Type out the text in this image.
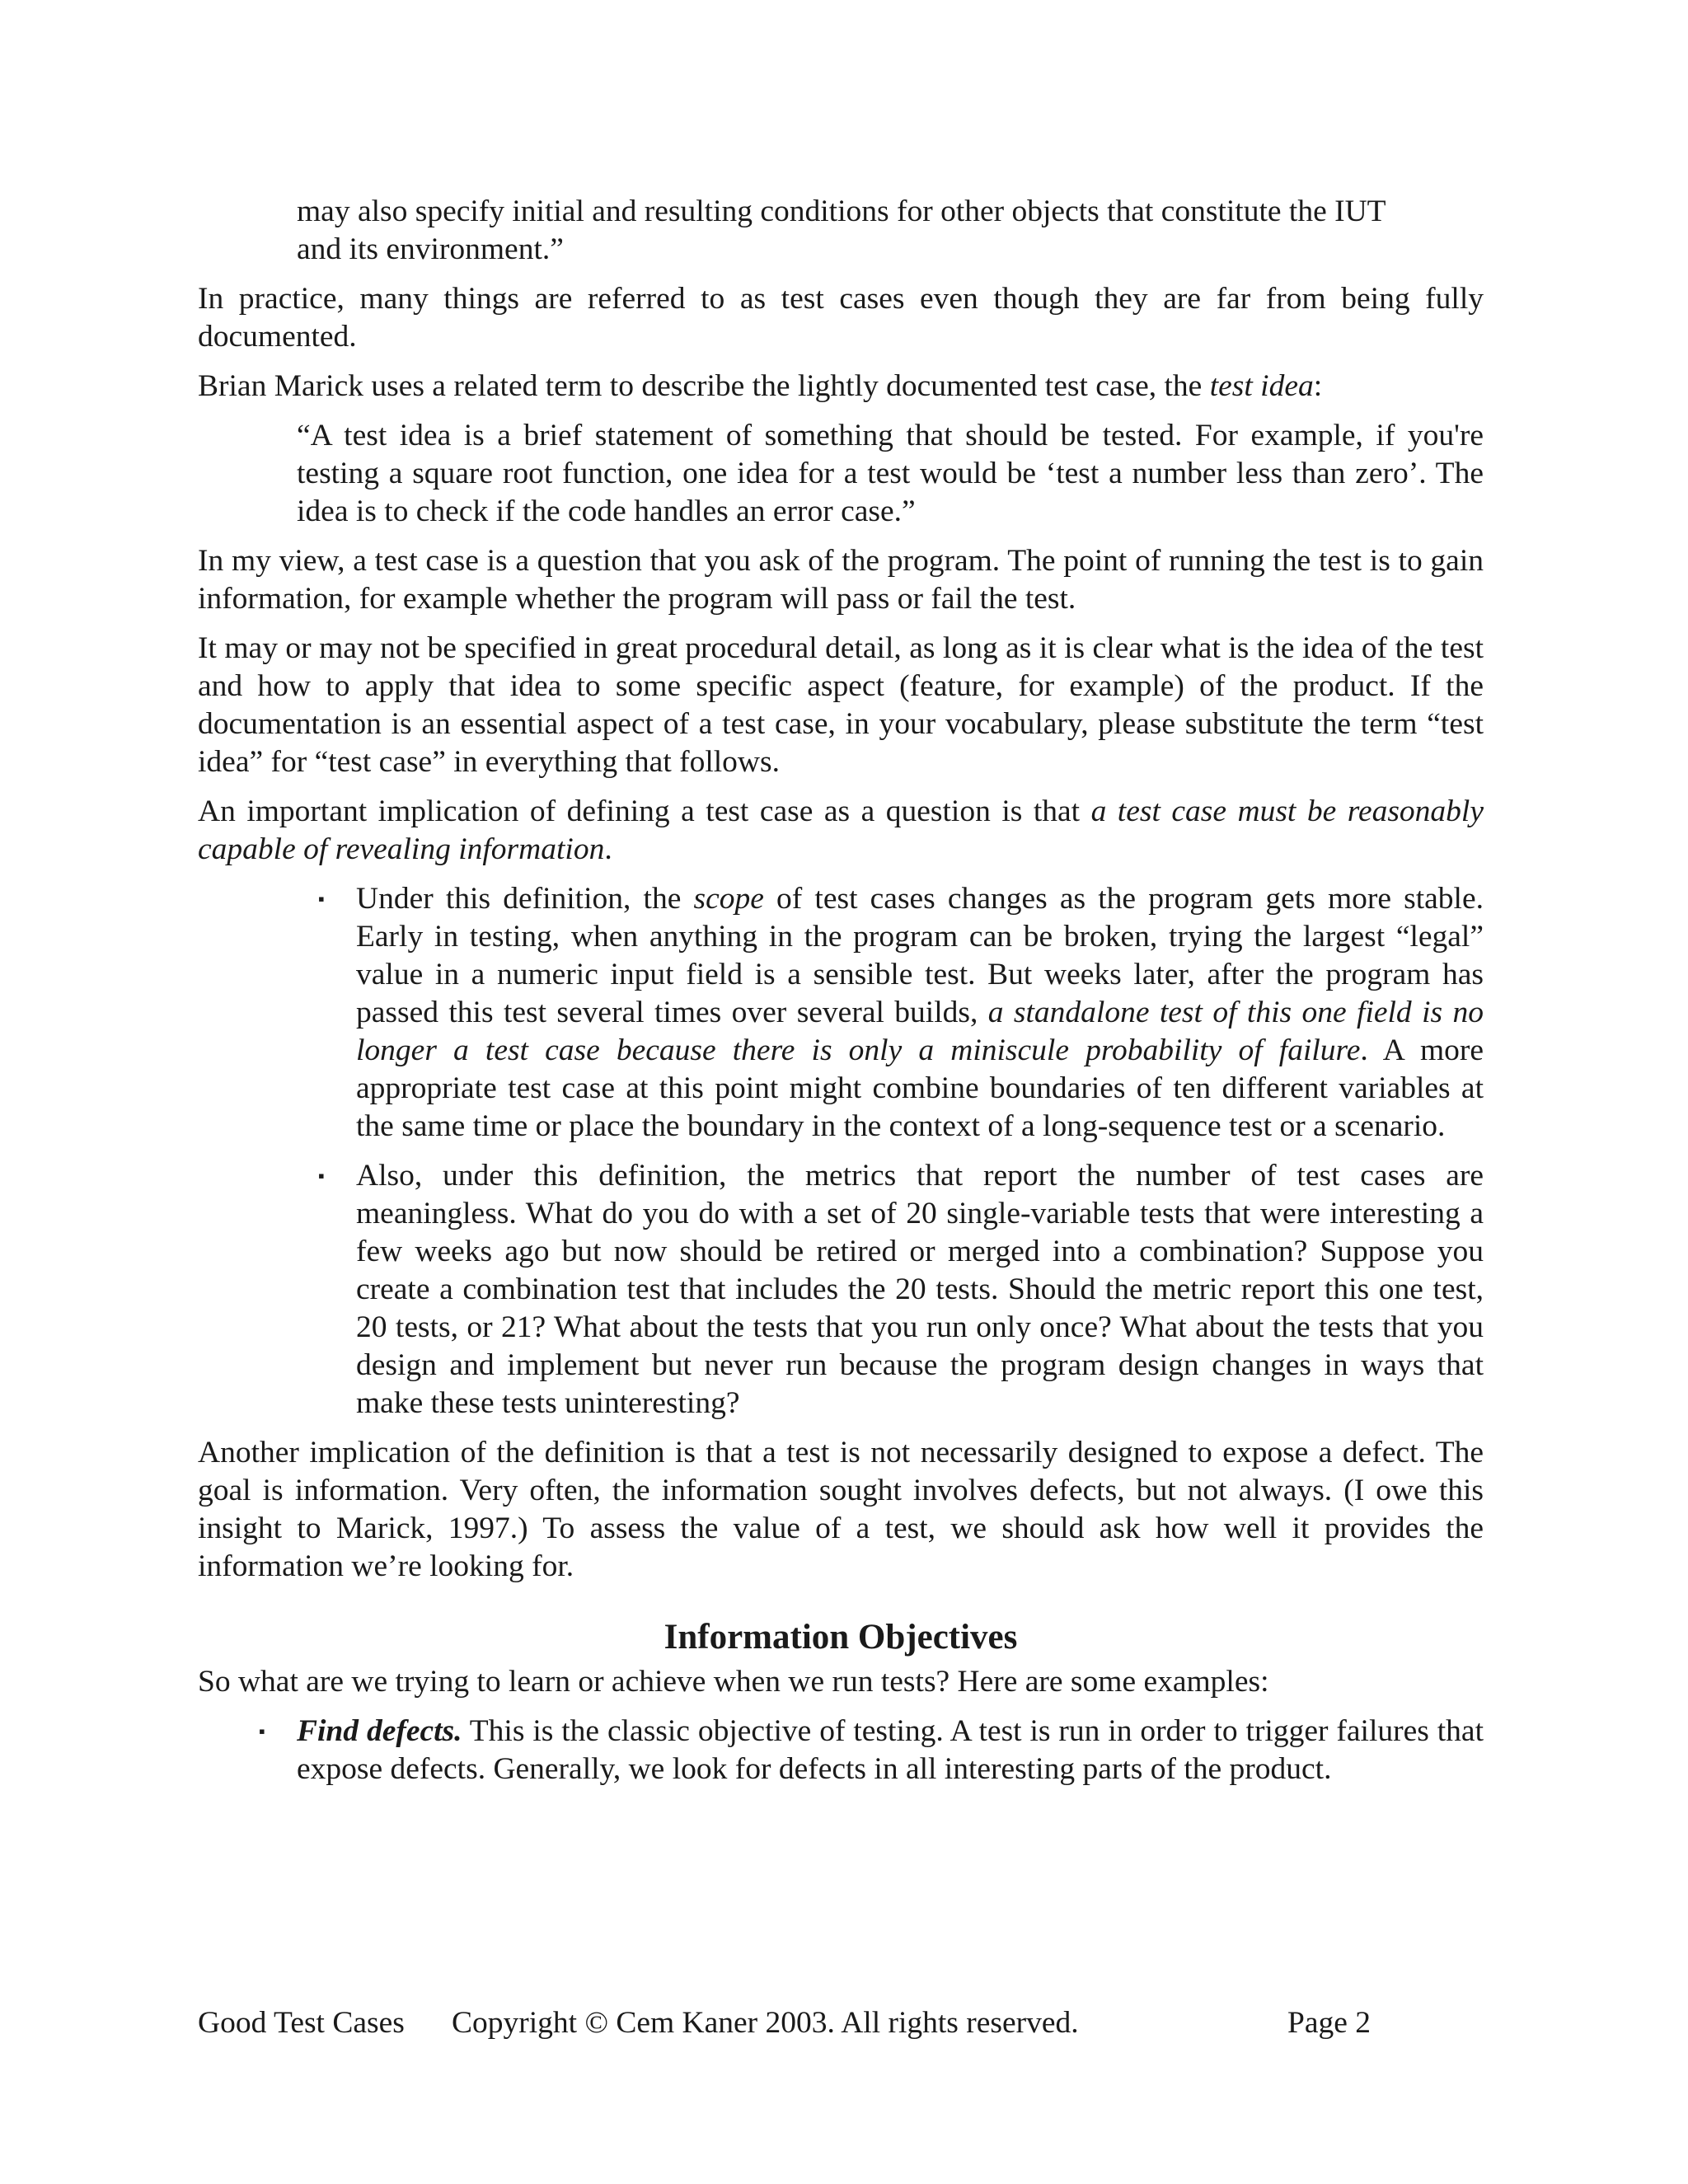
may also specify initial and resulting conditions for other objects that constitute the IUT
and its environment.”

In practice, many things are referred to as test cases even though they are far from being fully documented.

Brian Marick uses a related term to describe the lightly documented test case, the test idea:

“A test idea is a brief statement of something that should be tested. For example, if you're testing a square root function, one idea for a test would be ‘test a number less than zero’. The idea is to check if the code handles an error case.”

In my view, a test case is a question that you ask of the program. The point of running the test is to gain information, for example whether the program will pass or fail the test.

It may or may not be specified in great procedural detail, as long as it is clear what is the idea of the test and how to apply that idea to some specific aspect (feature, for example) of the product. If the documentation is an essential aspect of a test case, in your vocabulary, please substitute the term “test idea” for “test case” in everything that follows.

An important implication of defining a test case as a question is that a test case must be reasonably capable of revealing information.

▪ Under this definition, the scope of test cases changes as the program gets more stable. Early in testing, when anything in the program can be broken, trying the largest “legal” value in a numeric input field is a sensible test. But weeks later, after the program has passed this test several times over several builds, a standalone test of this one field is no longer a test case because there is only a miniscule probability of failure. A more appropriate test case at this point might combine boundaries of ten different variables at the same time or place the boundary in the context of a long-sequence test or a scenario.
▪ Also, under this definition, the metrics that report the number of test cases are meaningless. What do you do with a set of 20 single-variable tests that were interesting a few weeks ago but now should be retired or merged into a combination? Suppose you create a combination test that includes the 20 tests. Should the metric report this one test, 20 tests, or 21? What about the tests that you run only once? What about the tests that you design and implement but never run because the program design changes in ways that make these tests uninteresting?

Another implication of the definition is that a test is not necessarily designed to expose a defect. The goal is information. Very often, the information sought involves defects, but not always. (I owe this insight to Marick, 1997.) To assess the value of a test, we should ask how well it provides the information we’re looking for.

Information Objectives

So what are we trying to learn or achieve when we run tests? Here are some examples:

▪ Find defects. This is the classic objective of testing. A test is run in order to trigger failures that expose defects. Generally, we look for defects in all interesting parts of the product.
Good Test Cases Copyright © Cem Kaner 2003. All rights reserved.	Page 2
